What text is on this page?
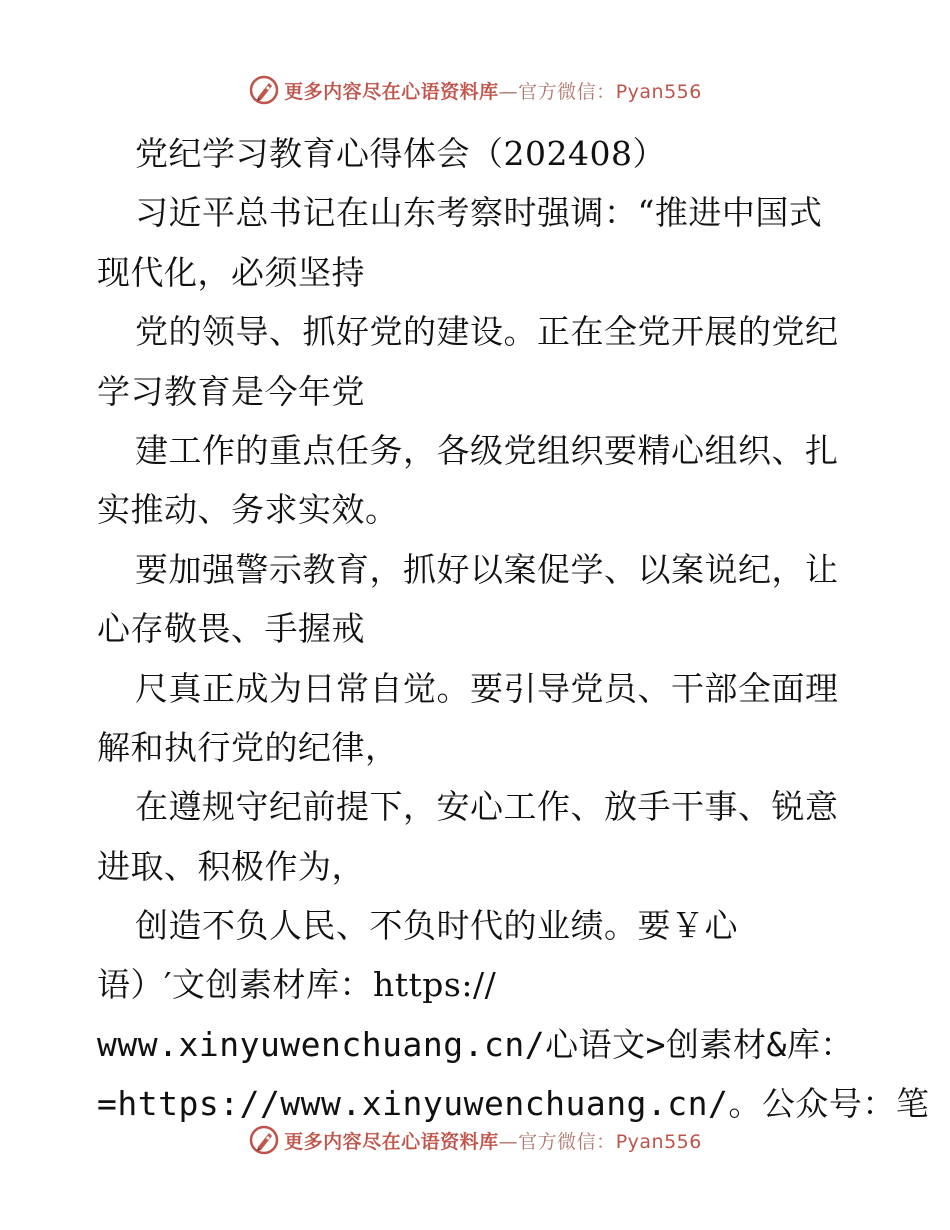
更多内容尽在心语资料库—官方微信：Pyan556
党纪学习教育心得体会（202408）
习近平总书记在山东考察时强调：“推进中国式
现代化，必须坚持
党的领导、抓好党的建设。正在全党开展的党纪
学习教育是今年党
建工作的重点任务，各级党组织要精心组织、扎
实推动、务求实效。
要加强警示教育，抓好以案促学、以案说纪，让
心存敬畏、手握戒
尺真正成为日常自觉。要引导党员、干部全面理
解和执行党的纪律，
在遵规守纪前提下，安心工作、放手干事、锐意
进取、积极作为，
创造不负人民、不负时代的业绩。要￥心
语）′文创素材库：https://
www.xinyuwenchuang.cn/心语文>创素材&库：
=https://www.xinyuwenchuang.cn/。公众号：笔
更多内容尽在心语资料库—官方微信：Pyan556
